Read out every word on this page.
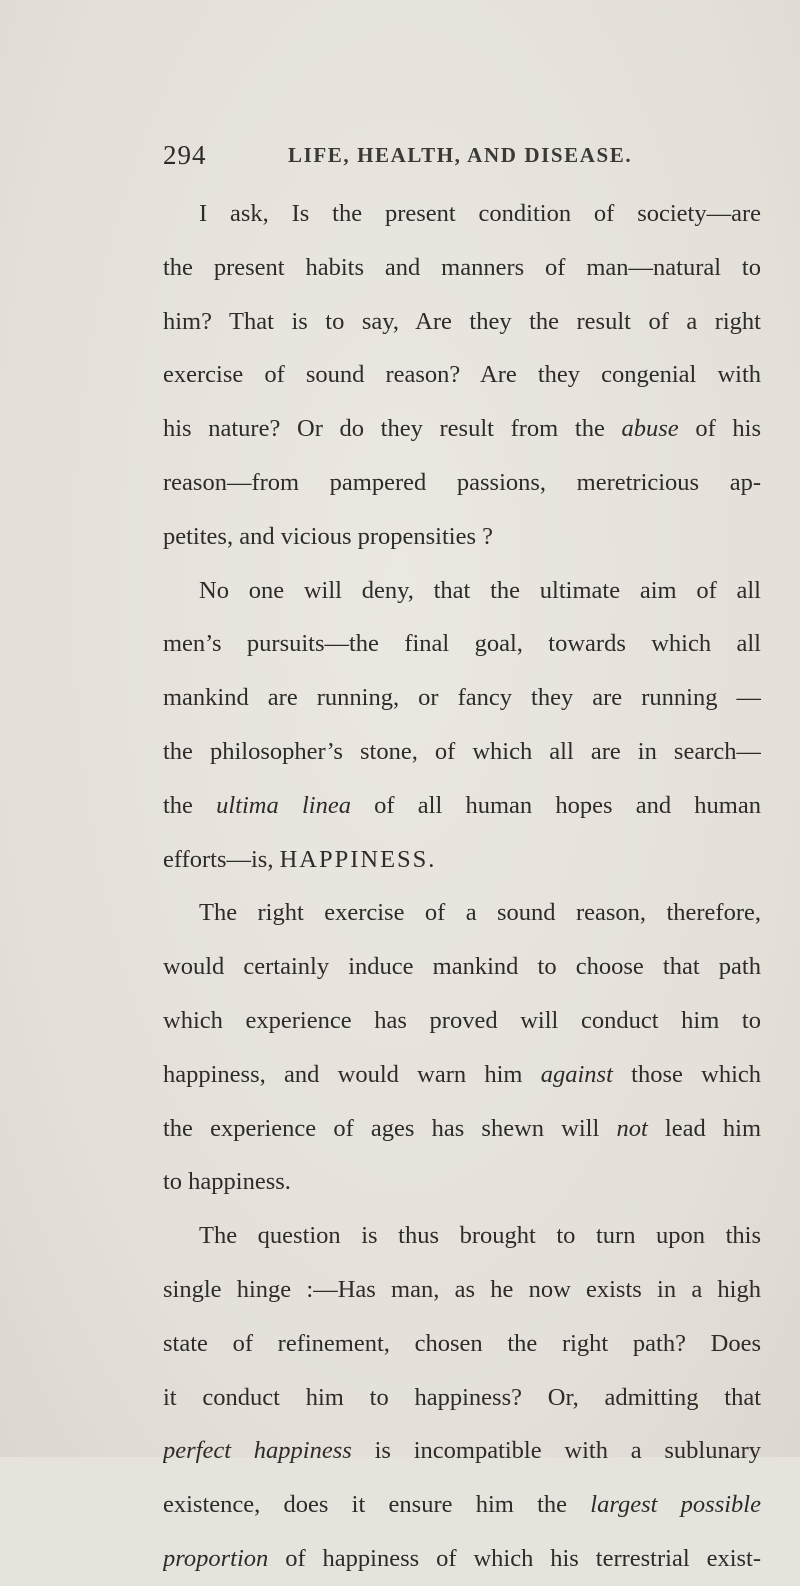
294	LIFE, HEALTH, AND DISEASE.
I ask, Is the present condition of society—are
the present habits and manners of man—natural to
him? That is to say, Are they the result of a right
exercise of sound reason? Are they congenial with
his nature? Or do they result from the abuse of his
reason—from pampered passions, meretricious ap-
petites, and vicious propensities ?
No one will deny, that the ultimate aim of all
men’s pursuits—the final goal, towards which all
mankind are running, or fancy they are running —
the philosopher’s stone, of which all are in search—
the ultima linea of all human hopes and human
efforts—is, HAPPINESS.
The right exercise of a sound reason, therefore,
would certainly induce mankind to choose that path
which experience has proved will conduct him to
happiness, and would warn him against those which
the experience of ages has shewn will not lead him
to happiness.
The question is thus brought to turn upon this
single hinge :—Has man, as he now exists in a high
state of refinement, chosen the right path? Does
it conduct him to happiness? Or, admitting that
perfect happiness is incompatible with a sublunary
existence, does it ensure him the largest possible
proportion of happiness of which his terrestrial exist-
